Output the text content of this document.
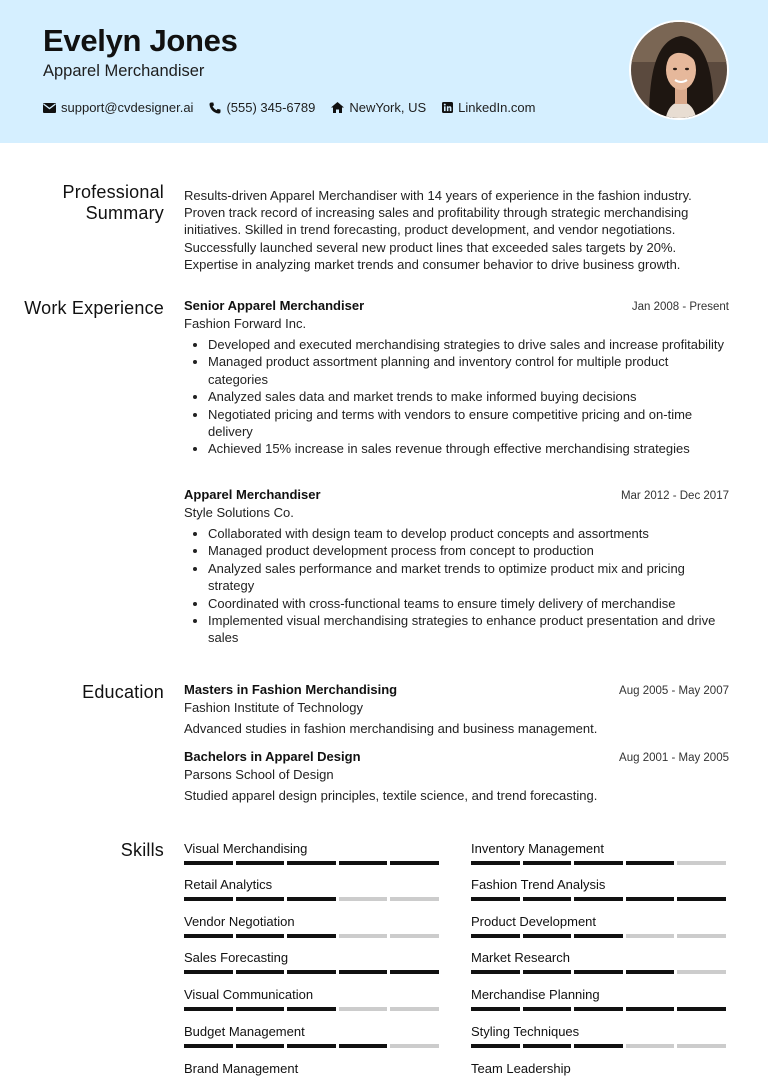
Evelyn Jones
Apparel Merchandiser
support@cvdesigner.ai	(555) 345-6789	NewYork, US LinkedIn.com
Professional Summary
Results-driven Apparel Merchandiser with 14 years of experience in the fashion industry. Proven track record of increasing sales and profitability through strategic merchandising initiatives. Skilled in trend forecasting, product development, and vendor negotiations. Successfully launched several new product lines that exceeded sales targets by 20%. Expertise in analyzing market trends and consumer behavior to drive business growth.
Work Experience Senior Apparel Merchandiser	Jan 2008 - Present
Fashion Forward Inc.
Developed and executed merchandising strategies to drive sales and increase profitability
Managed product assortment planning and inventory control for multiple product categories
Analyzed sales data and market trends to make informed buying decisions
Negotiated pricing and terms with vendors to ensure competitive pricing and on-time delivery
Achieved 15% increase in sales revenue through effective merchandising strategies
Apparel Merchandiser	Mar 2012 - Dec 2017
Style Solutions Co.
Collaborated with design team to develop product concepts and assortments
Managed product development process from concept to production
Analyzed sales performance and market trends to optimize product mix and pricing strategy
Coordinated with cross-functional teams to ensure timely delivery of merchandise
Implemented visual merchandising strategies to enhance product presentation and drive sales
Education Masters in Fashion Merchandising	Aug 2005 - May 2007
Fashion Institute of Technology
Advanced studies in fashion merchandising and business management.
Bachelors in Apparel Design	Aug 2001 - May 2005
Parsons School of Design
Studied apparel design principles, textile science, and trend forecasting.
Skills Visual Merchandising	Inventory Management
Retail Analytics	Fashion Trend Analysis
Vendor Negotiation	Product Development
Sales Forecasting	Market Research
Visual Communication	Merchandise Planning
Budget Management	Styling Techniques
Brand Management	Team Leadership
